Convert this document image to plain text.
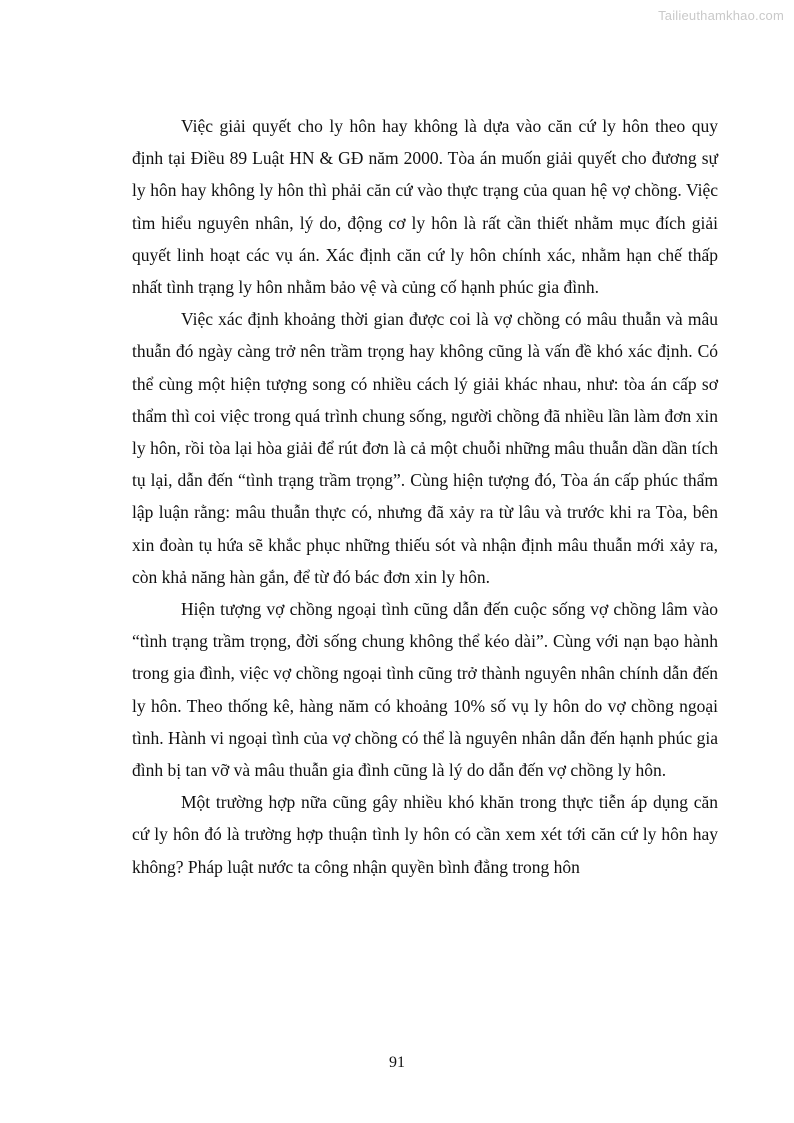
Tailieuthamkhao.com

Việc giải quyết cho ly hôn hay không là dựa vào căn cứ ly hôn theo quy định tại Điều 89 Luật HN & GĐ năm 2000. Tòa án muốn giải quyết cho đương sự ly hôn hay không ly hôn thì phải căn cứ vào thực trạng của quan hệ vợ chồng. Việc tìm hiểu nguyên nhân, lý do, động cơ ly hôn là rất cần thiết nhằm mục đích giải quyết linh hoạt các vụ án. Xác định căn cứ ly hôn chính xác, nhằm hạn chế thấp nhất tình trạng ly hôn nhằm bảo vệ và củng cố hạnh phúc gia đình.

Việc xác định khoảng thời gian được coi là vợ chồng có mâu thuẫn và mâu thuẫn đó ngày càng trở nên trầm trọng hay không cũng là vấn đề khó xác định. Có thể cùng một hiện tượng song có nhiều cách lý giải khác nhau, như: tòa án cấp sơ thẩm thì coi việc trong quá trình chung sống, người chồng đã nhiều lần làm đơn xin ly hôn, rồi tòa lại hòa giải để rút đơn là cả một chuỗi những mâu thuẫn dần dần tích tụ lại, dẫn đến “tình trạng trầm trọng”. Cùng hiện tượng đó, Tòa án cấp phúc thẩm lập luận rằng: mâu thuẫn thực có, nhưng đã xảy ra từ lâu và trước khi ra Tòa, bên xin đoàn tụ hứa sẽ khắc phục những thiếu sót và nhận định mâu thuẫn mới xảy ra, còn khả năng hàn gắn, để từ đó bác đơn xin ly hôn.

Hiện tượng vợ chồng ngoại tình cũng dẫn đến cuộc sống vợ chồng lâm vào “tình trạng trầm trọng, đời sống chung không thể kéo dài”. Cùng với nạn bạo hành trong gia đình, việc vợ chồng ngoại tình cũng trở thành nguyên nhân chính dẫn đến ly hôn. Theo thống kê, hàng năm có khoảng 10% số vụ ly hôn do vợ chồng ngoại tình. Hành vi ngoại tình của vợ chồng có thể là nguyên nhân dẫn đến hạnh phúc gia đình bị tan vỡ và mâu thuẫn gia đình cũng là lý do dẫn đến vợ chồng ly hôn.

Một trường hợp nữa cũng gây nhiều khó khăn trong thực tiễn áp dụng căn cứ ly hôn đó là trường hợp thuận tình ly hôn có cần xem xét tới căn cứ ly hôn hay không? Pháp luật nước ta công nhận quyền bình đẳng trong hôn

91
